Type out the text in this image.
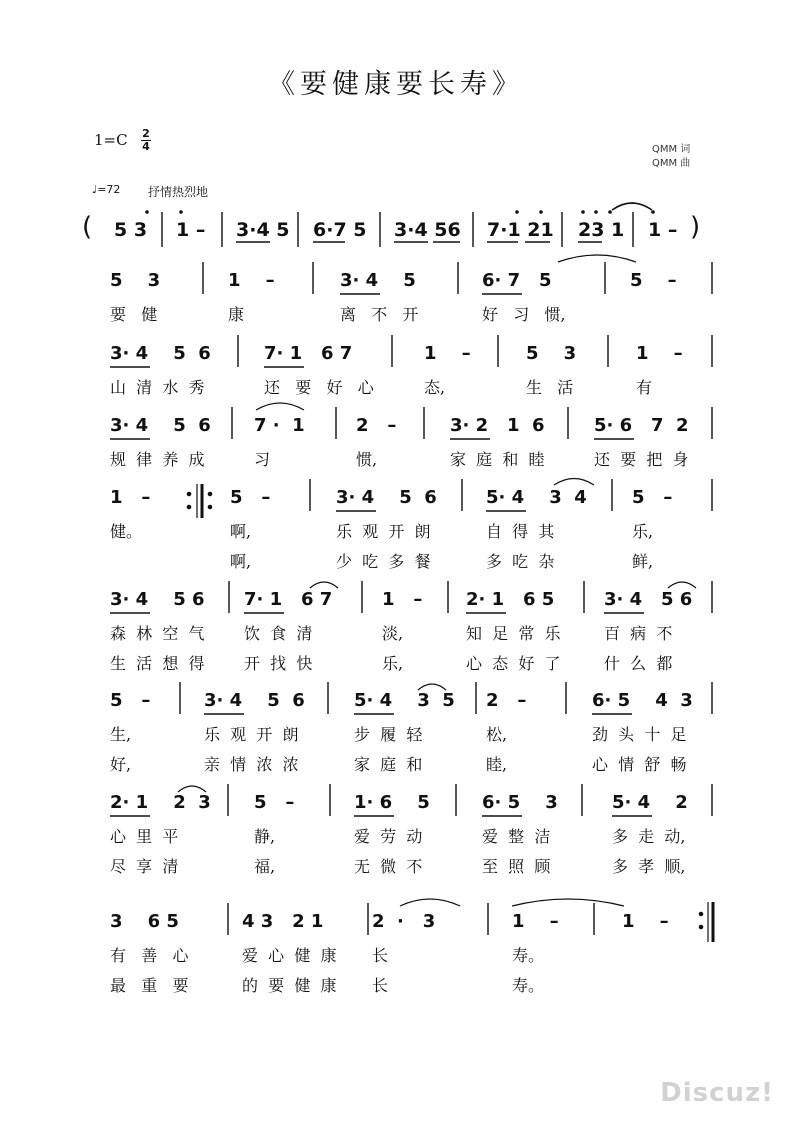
《要健康要长寿》
1=C 2
4	QMM 词
QMM 曲
♩=72 抒情热烈地
( 5 3 1 – 3·4 5 6·7 5 3·4 56 7·1 21 23 1 1 – )
5    3	1    –	3· 4    5	6· 7   5	5    –
要   健	康	离   不   开	好   习   惯,
3· 4    5  6	7· 1   6 7	1    –	5    3	1    –
山  清  水  秀	还   要   好   心	态,	生   活	有
3· 4    5  6 7 ·  1	2   –	3· 2   1  6	5· 6   7  2
规  律  养  成	习	惯,	家  庭  和  睦	还  要  把  身
1   –	5   –	3· 4    5  6	5· 4    3  4	5   –
健。	啊,	乐  观  开  朗	自  得  其	乐,
啊,	少  吃  多  餐	多  吃  杂	鲜,
3· 4    5 6 7· 1   6 7	1   – 2· 1   6 5	3· 4   5 6
森  林  空  气 饮  食  清	淡,	知  足  常  乐	百  病  不
生  活  想  得 开  找  快	乐,	心  态  好  了	什  么  都
5   –	3· 4    5  6	5· 4    3  5 2   –	6· 5    4  3
生,	乐  观  开  朗	步  履  轻	松,	劲  头  十  足
好,	亲  情  浓  浓	家  庭  和	睦,	心  情  舒  畅
2· 1    2  3 5   –	1· 6    5	6· 5    3	5· 4    2
心  里  平	静,	爱  劳  动	爱  整  洁	多  走  动,
尽  享  清	福,	无  微  不	至  照  顾	多  孝  顺,
3    6 5	4 3   2 1	2  ·   3	1    –	1    –
有   善   心	爱  心  健  康 长	寿。
最   重   要	的  要  健  康 长	寿。
Discuz!
